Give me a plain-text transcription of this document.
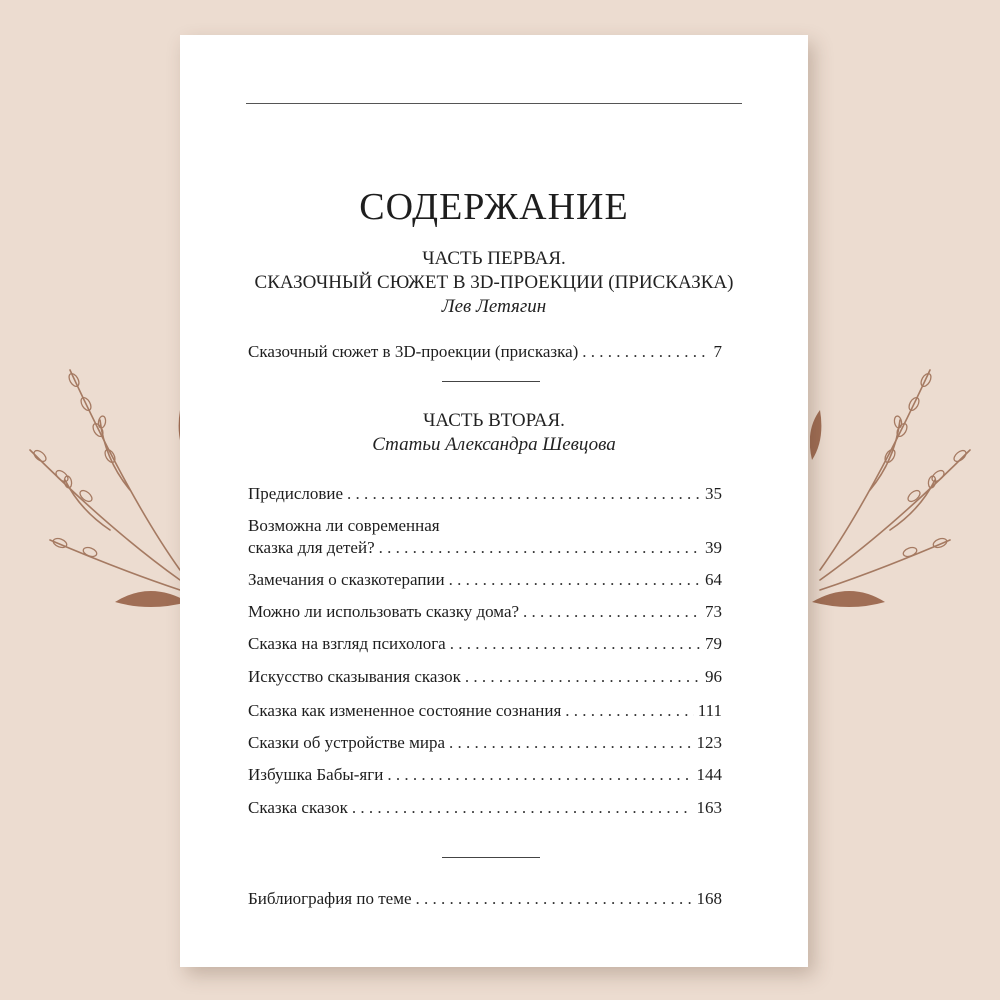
СОДЕРЖАНИЕ
ЧАСТЬ ПЕРВАЯ.
СКАЗОЧНЫЙ СЮЖЕТ В 3D-ПРОЕКЦИИ (ПРИСКАЗКА)
Лев Летягин
Сказочный сюжет в 3D-проекции (присказка) . . .	7
ЧАСТЬ ВТОРАЯ.
Статьи Александра Шевцова
Предисловие . . .	35
Возможна ли современная
сказка для детей? . . .	39
Замечания о сказкотерапии . . .	64
Можно ли использовать сказку дома? . . .	73
Сказка на взгляд психолога . . .	79
Искусство сказывания сказок . . .	96
Сказка как измененное состояние сознания . . .	111
Сказки об устройстве мира . . .	123
Избушка Бабы-яги . . .	144
Сказка сказок . . .	163
Библиография по теме . . .	168
